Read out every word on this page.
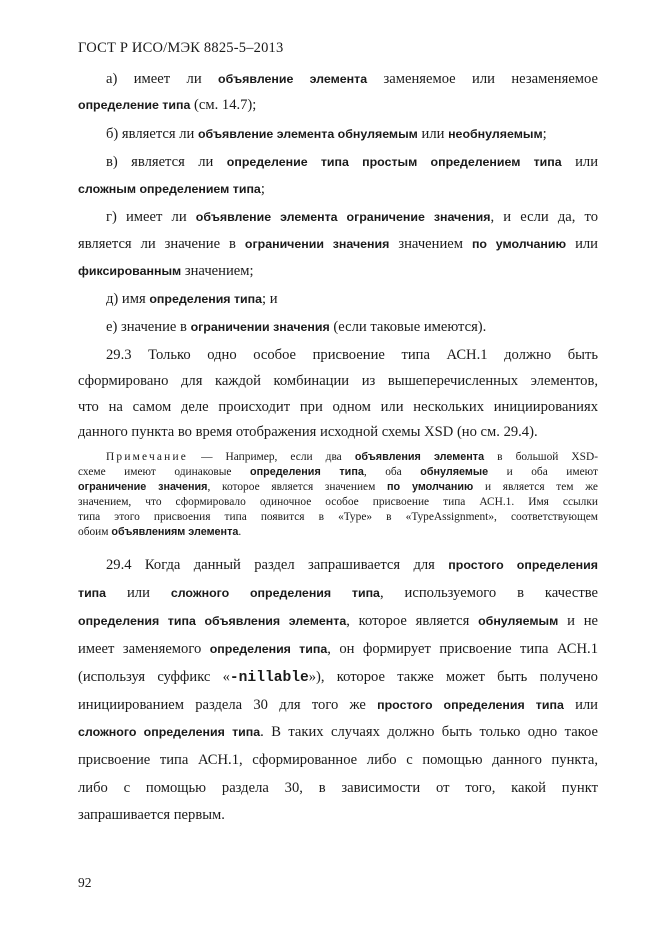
ГОСТ Р ИСО/МЭК 8825-5–2013
а) имеет ли объявление элемента заменяемое или незаменяемое
определение типа (см. 14.7);
б) является ли объявление элемента обнуляемым или необнуляемым;
в) является ли определение типа простым определением типа или
сложным определением типа;
г) имеет ли объявление элемента ограничение значения, и если да, то
является ли значение в ограничении значения значением по умолчанию или
фиксированным значением;
д) имя определения типа; и
е) значение в ограничении значения (если таковые имеются).
29.3 Только одно особое присвоение типа АСН.1 должно быть
сформировано для каждой комбинации из вышеперечисленных элементов,
что на самом деле происходит при одном или нескольких инициированиях
данного пункта во время отображения исходной схемы XSD (но см. 29.4).
Примечание — Например, если два объявления элемента в большой XSD-
схеме имеют одинаковые определения типа, оба обнуляемые и оба имеют
ограничение значения, которое является значением по умолчанию и является тем же
значением, что сформировало одиночное особое присвоение типа АСН.1. Имя ссылки
типа этого присвоения типа появится в «Type» в «TypeAssignment», соответствующем
обоим объявлениям элемента.
29.4 Когда данный раздел запрашивается для простого определения
типа или сложного определения типа, используемого в качестве
определения типа объявления элемента, которое является обнуляемым и не
имеет заменяемого определения типа, он формирует присвоение типа АСН.1
(используя суффикс «-nillable»), которое также может быть получено
инициированием раздела 30 для того же простого определения типа или
сложного определения типа. В таких случаях должно быть только одно такое
присвоение типа АСН.1, сформированное либо с помощью данного пункта,
либо с помощью раздела 30, в зависимости от того, какой пункт
запрашивается первым.
92
